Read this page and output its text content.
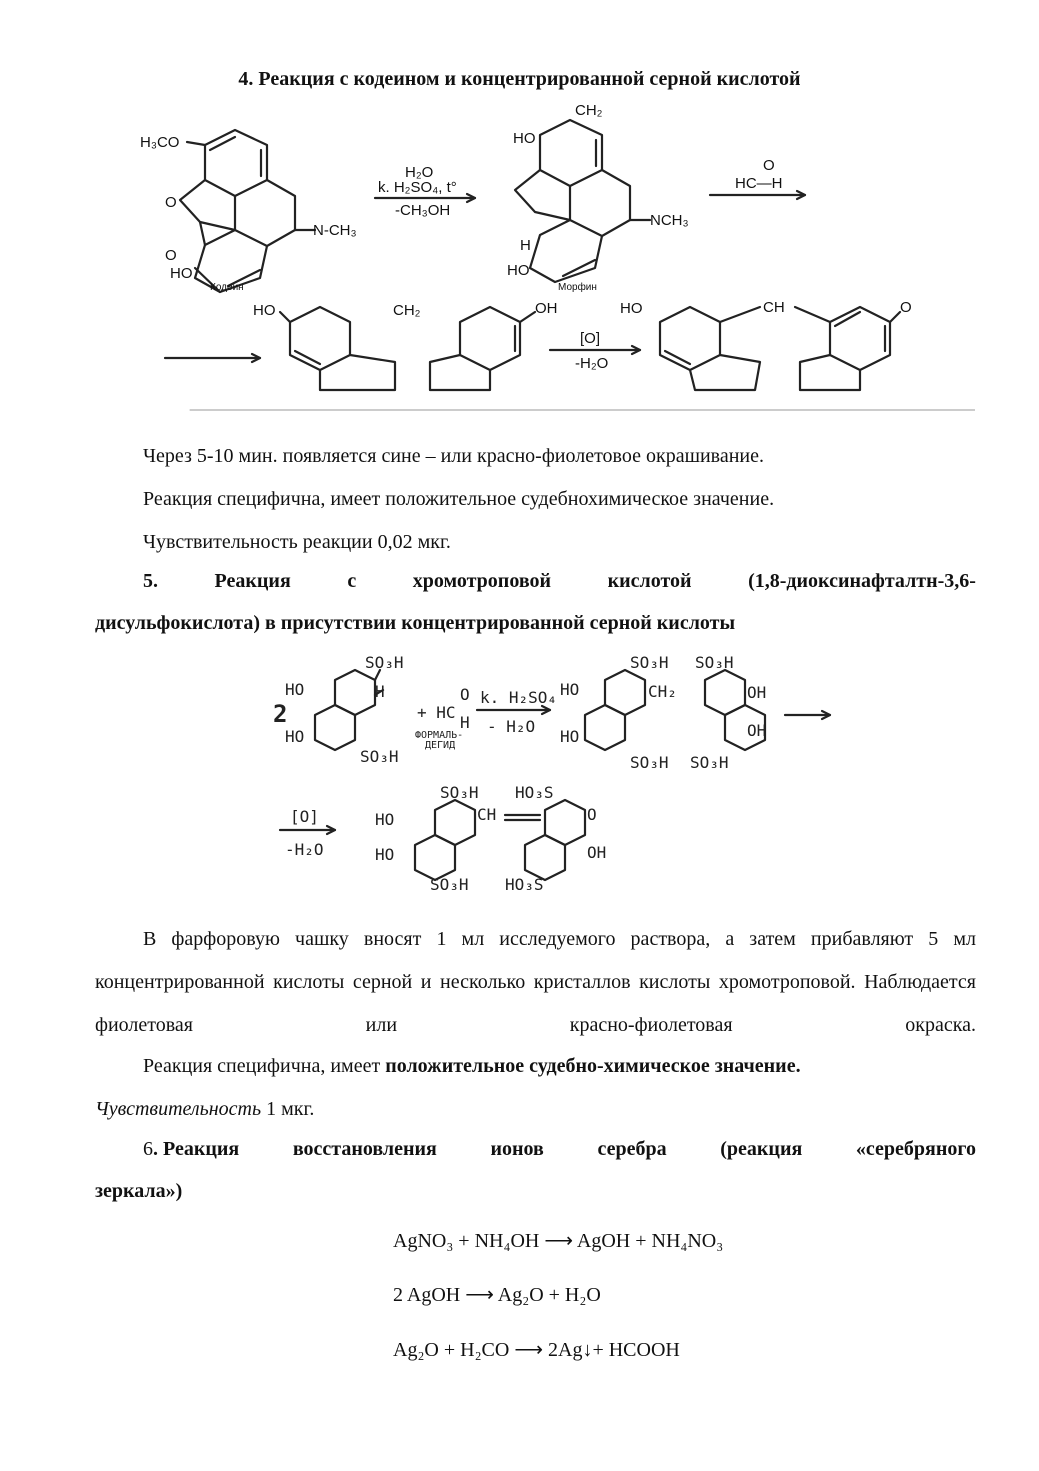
4. Реакция с кодеином и концентрированной серной кислотой
H₃CO
N-CH₃
O
O
HO
Кодеин
H₂O
k. H₂SO₄, t°
-CH₃OH
HO
CH₂
NCH₃
H
HO
Морфин
HC—H
O
HO	CH₂	OH
[O]
-H₂O
HO	CH	O
Через 5-10 мин. появляется сине – или красно-фиолетовое окрашивание.
Реакция специфична, имеет положительное судебнохимическое значение.
Чувствительность реакции 0,02 мкг.
5.	Реакция	с	хромотроповой	кислотой	(1,8-диоксинафталтн-3,6-
дисульфокислота) в присутствии концентрированной серной кислоты
2
SO₃H
H
HO
HO
SO₃H
+ HC
O
H
ФОРМАЛЬ-
ДЕГИД
k. H₂SO₄
- H₂O
HO
HO
SO₃H
SO₃H
CH₂
SO₃H
OH
OH
SO₃H
[O]
-H₂O
HO
HO
SO₃H
SO₃H
CH
HO₃S
O
OH
HO₃S
В фарфоровую чашку вносят 1 мл исследуемого раствора, а затем прибавляют 5 мл концентрированной кислоты серной и несколько кристаллов кислоты хромотроповой. Наблюдается фиолетовая или красно-фиолетовая окраска.
Реакция специфична, имеет положительное судебно-химическое значение.
Чувствительность 1 мкг.
6. Реакция	восстановления	ионов	серебра	(реакция	«серебряного
зеркала»)
AgNO₃ + NH₄OH ⟶ AgOH + NH₄NO₃
2 AgOH ⟶ Ag₂O + H₂O
Ag₂O + H₂CO ⟶ 2Ag↓+ HCOOH
